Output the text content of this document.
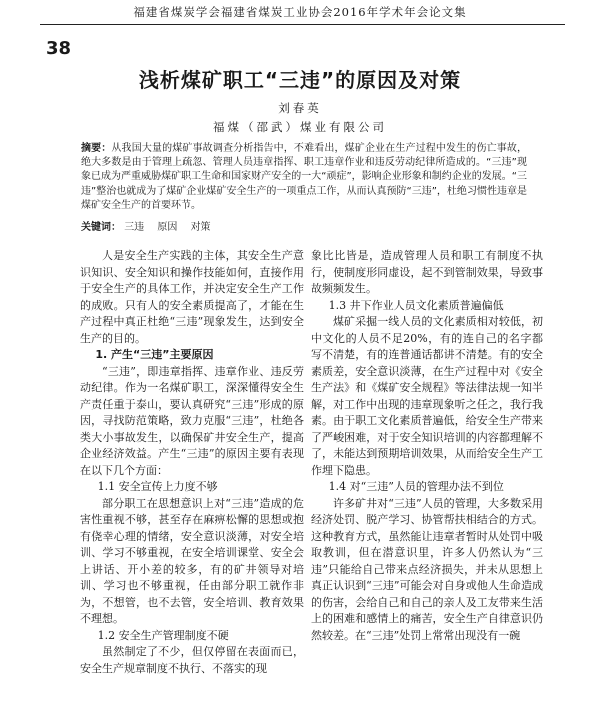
福建省煤炭学会福建省煤炭工业协会2016年学术年会论文集
38
浅析煤矿职工“三违”的原因及对策
刘春英
福煤（邵武）煤业有限公司
摘要：从我国大量的煤矿事故调查分析指告中，不难看出，煤矿企业在生产过程中发生的伤亡事故，绝大多数是由于管理上疏忽、管理人员违章指挥、职工违章作业和违反劳动纪律所造成的。“三违”现象已成为严重威胁煤矿职工生命和国家财产安全的一大“顽症”，影响企业形象和制约企业的发展。“三违”整治也就成为了煤矿企业煤矿安全生产的一项重点工作，从而认真预防“三违”，杜绝习惯性违章是煤矿安全生产的首要环节。
关键词： 三违 原因 对策

人是安全生产实践的主体，其安全生产意识知识、安全知识和操作技能如何，直接作用于安全生产的具体工作，并决定安全生产工作的成败。只有人的安全素质提高了，才能在生产过程中真正杜绝“三违”现象发生，达到安全生产的目的。

1. 产生“三违”主要原因

“三违”，即违章指挥、违章作业、违反劳动纪律。作为一名煤矿职工，深深懂得安全生产责任重于泰山，要认真研究“三违”形成的原因，寻找防范策略，致力克服“三违”，杜绝各类大小事故发生，以确保矿井安全生产，提高企业经济效益。产生“三违”的原因主要有表现在以下几个方面：

1.1 安全宣传上力度不够

部分职工在思想意识上对“三违”造成的危害性重视不够，甚至存在麻痹松懈的思想或抱有侥幸心理的情绪，安全意识淡薄，对安全培训、学习不够重视，在安全培训课堂、安全会上讲话、开小差的较多，有的矿井领导对培训、学习也不够重视，任由部分职工就作非为，不想管，也不去管，安全培训、教育效果不理想。

1.2 安全生产管理制度不硬

虽然制定了不少，但仅停留在表面而已，安全生产规章制度不执行、不落实的现

象比比皆是，造成管理人员和职工有制度不执行，使制度形同虚设，起不到管制效果，导致事故频频发生。

1.3 井下作业人员文化素质普遍偏低

煤矿采掘一线人员的文化素质相对较低，初中文化的人员不足20%，有的连自己的名字都写不清楚，有的连普通话都讲不清楚。有的安全素质差，安全意识淡薄，在生产过程中对《安全生产法》和《煤矿安全规程》等法律法规一知半解，对工作中出现的违章现象听之任之，我行我素。由于职工文化素质普遍低，给安全生产带来了严峻困难，对于安全知识培训的内容都理解不了，未能达到预期培训效果，从而给安全生产工作埋下隐患。

1.4 对“三违”人员的管理办法不到位

许多矿井对“三违”人员的管理，大多数采用经济处罚、脱产学习、协管帮扶相结合的方式。这种教育方式，虽然能让违章者暂时从处罚中吸取教训，但在潜意识里，许多人仍然认为“三违”只能给自己带来点经济损失，并未从思想上真正认识到“三违”可能会对自身或他人生命造成的伤害，会给自己和自己的亲人及工友带来生活上的困难和感情上的痛苦，安全生产自律意识仍然较差。在“三违”处罚上常常出现没有一碗
